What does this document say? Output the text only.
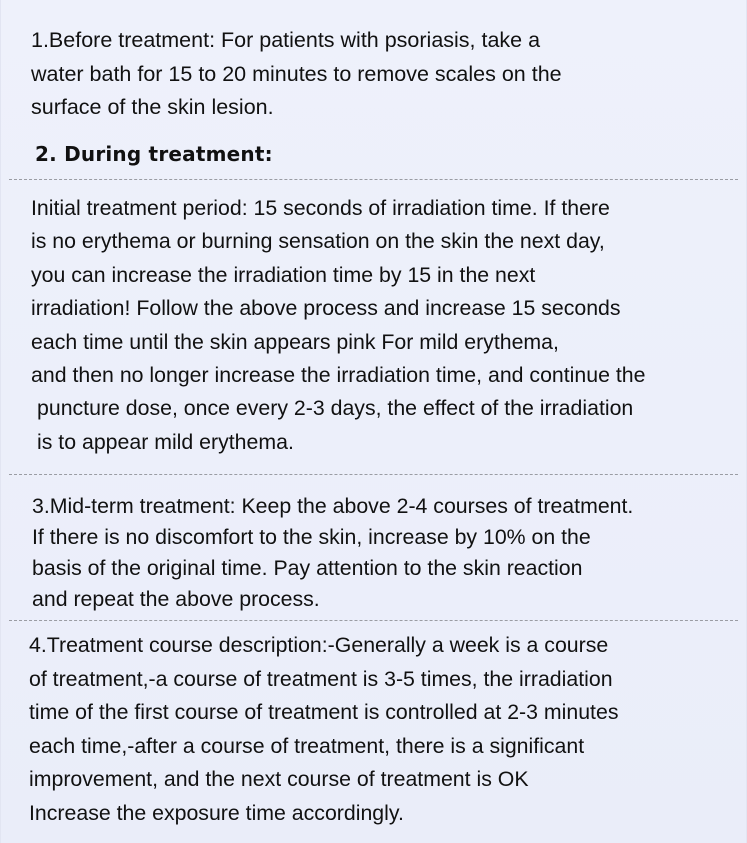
1.Before treatment: For patients with psoriasis, take a
water bath for 15 to 20 minutes to remove scales on the
surface of the skin lesion.
2. During treatment:
Initial treatment period: 15 seconds of irradiation time. If there
is no erythema or burning sensation on the skin the next day,
you can increase the irradiation time by 15 in the next
irradiation! Follow the above process and increase 15 seconds
each time until the skin appears pink For mild erythema,
and then no longer increase the irradiation time, and continue the
puncture dose, once every 2-3 days, the effect of the irradiation
is to appear mild erythema.
3.Mid-term treatment: Keep the above 2-4 courses of treatment.
If there is no discomfort to the skin, increase by 10% on the
basis of the original time. Pay attention to the skin reaction
and repeat the above process.
4.Treatment course description:-Generally a week is a course
of treatment,-a course of treatment is 3-5 times, the irradiation
time of the first course of treatment is controlled at 2-3 minutes
each time,-after a course of treatment, there is a significant
improvement, and the next course of treatment is OK
Increase the exposure time accordingly.
